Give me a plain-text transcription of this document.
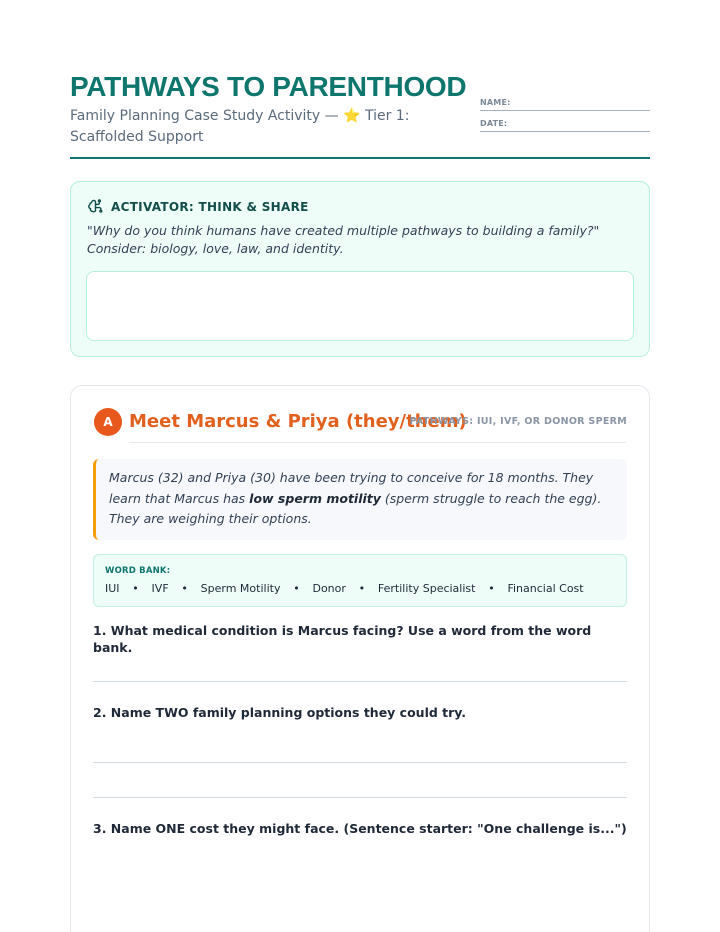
PATHWAYS TO PARENTHOOD
Family Planning Case Study Activity — ⭐ Tier 1: Scaffolded Support
NAME:
DATE:
ACTIVATOR: THINK & SHARE
"Why do you think humans have created multiple pathways to building a family?" Consider: biology, love, law, and identity.
A Meet Marcus & Priya (they/them)
PATHWAYS: IUI, IVF, OR DONOR SPERM
Marcus (32) and Priya (30) have been trying to conceive for 18 months. They learn that Marcus has low sperm motility (sperm struggle to reach the egg). They are weighing their options.
WORD BANK:
IUI	•	IVF	•	Sperm Motility	•	Donor	•	Fertility Specialist	•	Financial Cost
1. What medical condition is Marcus facing? Use a word from the word bank.
2. Name TWO family planning options they could try.
3. Name ONE cost they might face. (Sentence starter: "One challenge is...")
